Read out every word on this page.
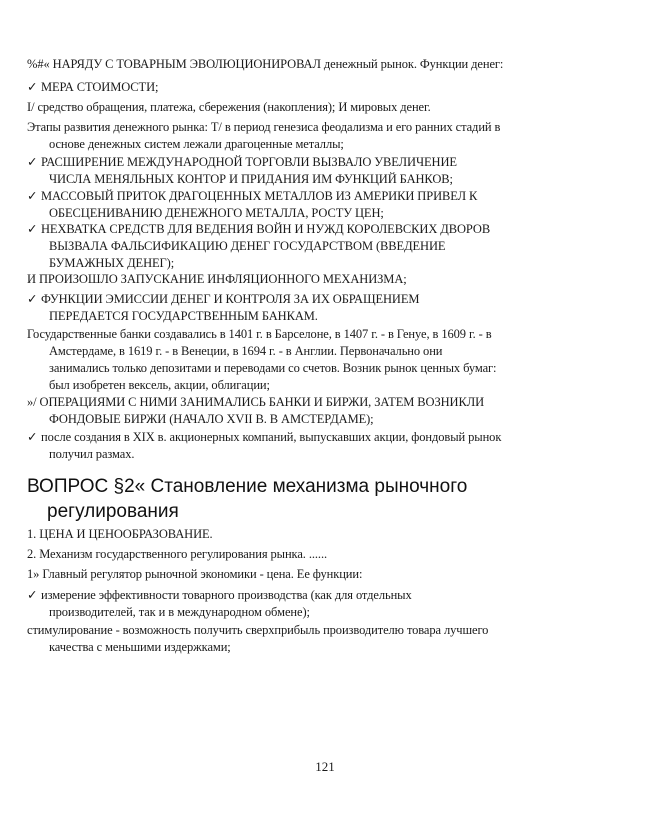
%#« НАРЯДУ С ТОВАРНЫМ ЭВОЛЮЦИОНИРОВАЛ денежный рынок. Функции денег:
✓ МЕРА СТОИМОСТИ;
I/ средство обращения, платежа, сбережения (накопления); И мировых денег.
Этапы развития денежного рынка: Т/ в период генезиса феодализма и его ранних стадий в
основе денежных систем лежали драгоценные металлы;
✓ РАСШИРЕНИЕ МЕЖДУНАРОДНОЙ ТОРГОВЛИ ВЫЗВАЛО УВЕЛИЧЕНИЕ
ЧИСЛА МЕНЯЛЬНЫХ КОНТОР И ПРИДАНИЯ ИМ ФУНКЦИЙ БАНКОВ;
✓ МАССОВЫЙ ПРИТОК ДРАГОЦЕННЫХ МЕТАЛЛОВ ИЗ АМЕРИКИ ПРИВЕЛ К
ОБЕСЦЕНИВАНИЮ ДЕНЕЖНОГО МЕТАЛЛА, РОСТУ ЦЕН;
✓ НЕХВАТКА СРЕДСТВ ДЛЯ ВЕДЕНИЯ ВОЙН И НУЖД КОРОЛЕВСКИХ ДВОРОВ
ВЫЗВАЛА ФАЛЬСИФИКАЦИЮ ДЕНЕГ ГОСУДАРСТВОМ (ВВЕДЕНИЕ
БУМАЖНЫХ ДЕНЕГ);
И ПРОИЗОШЛО ЗАПУСКАНИЕ ИНФЛЯЦИОННОГО МЕХАНИЗМА;
✓ ФУНКЦИИ ЭМИССИИ ДЕНЕГ И КОНТРОЛЯ ЗА ИХ ОБРАЩЕНИЕМ
ПЕРЕДАЕТСЯ ГОСУДАРСТВЕННЫМ БАНКАМ.
Государственные банки создавались в 1401 г. в Барселоне, в 1407 г. - в Генуе, в 1609 г. - в
Амстердаме, в 1619 г. - в Венеции, в 1694 г. - в Англии. Первоначально они
занимались только депозитами и переводами со счетов. Возник рынок ценных бумаг:
был изобретен вексель, акции, облигации;
»/ ОПЕРАЦИЯМИ С НИМИ ЗАНИМАЛИСЬ БАНКИ И БИРЖИ, ЗАТЕМ ВОЗНИКЛИ
ФОНДОВЫЕ БИРЖИ (НАЧАЛО XVII В. В АМСТЕРДАМЕ);
✓ после создания в XIX в. акционерных компаний, выпускавших акции, фондовый рынок
получил размах.
ВОПРОС §2« Становление механизма рыночного
регулирования
1. ЦЕНА И ЦЕНООБРАЗОВАНИЕ.
2. Механизм государственного регулирования рынка. ......
1» Главный регулятор рыночной экономики - цена. Ее функции:
✓ измерение эффективности товарного производства (как для отдельных
производителей, так и в международном обмене);
стимулирование - возможность получить сверхприбыль производителю товара лучшего
качества с меньшими издержками;
121
